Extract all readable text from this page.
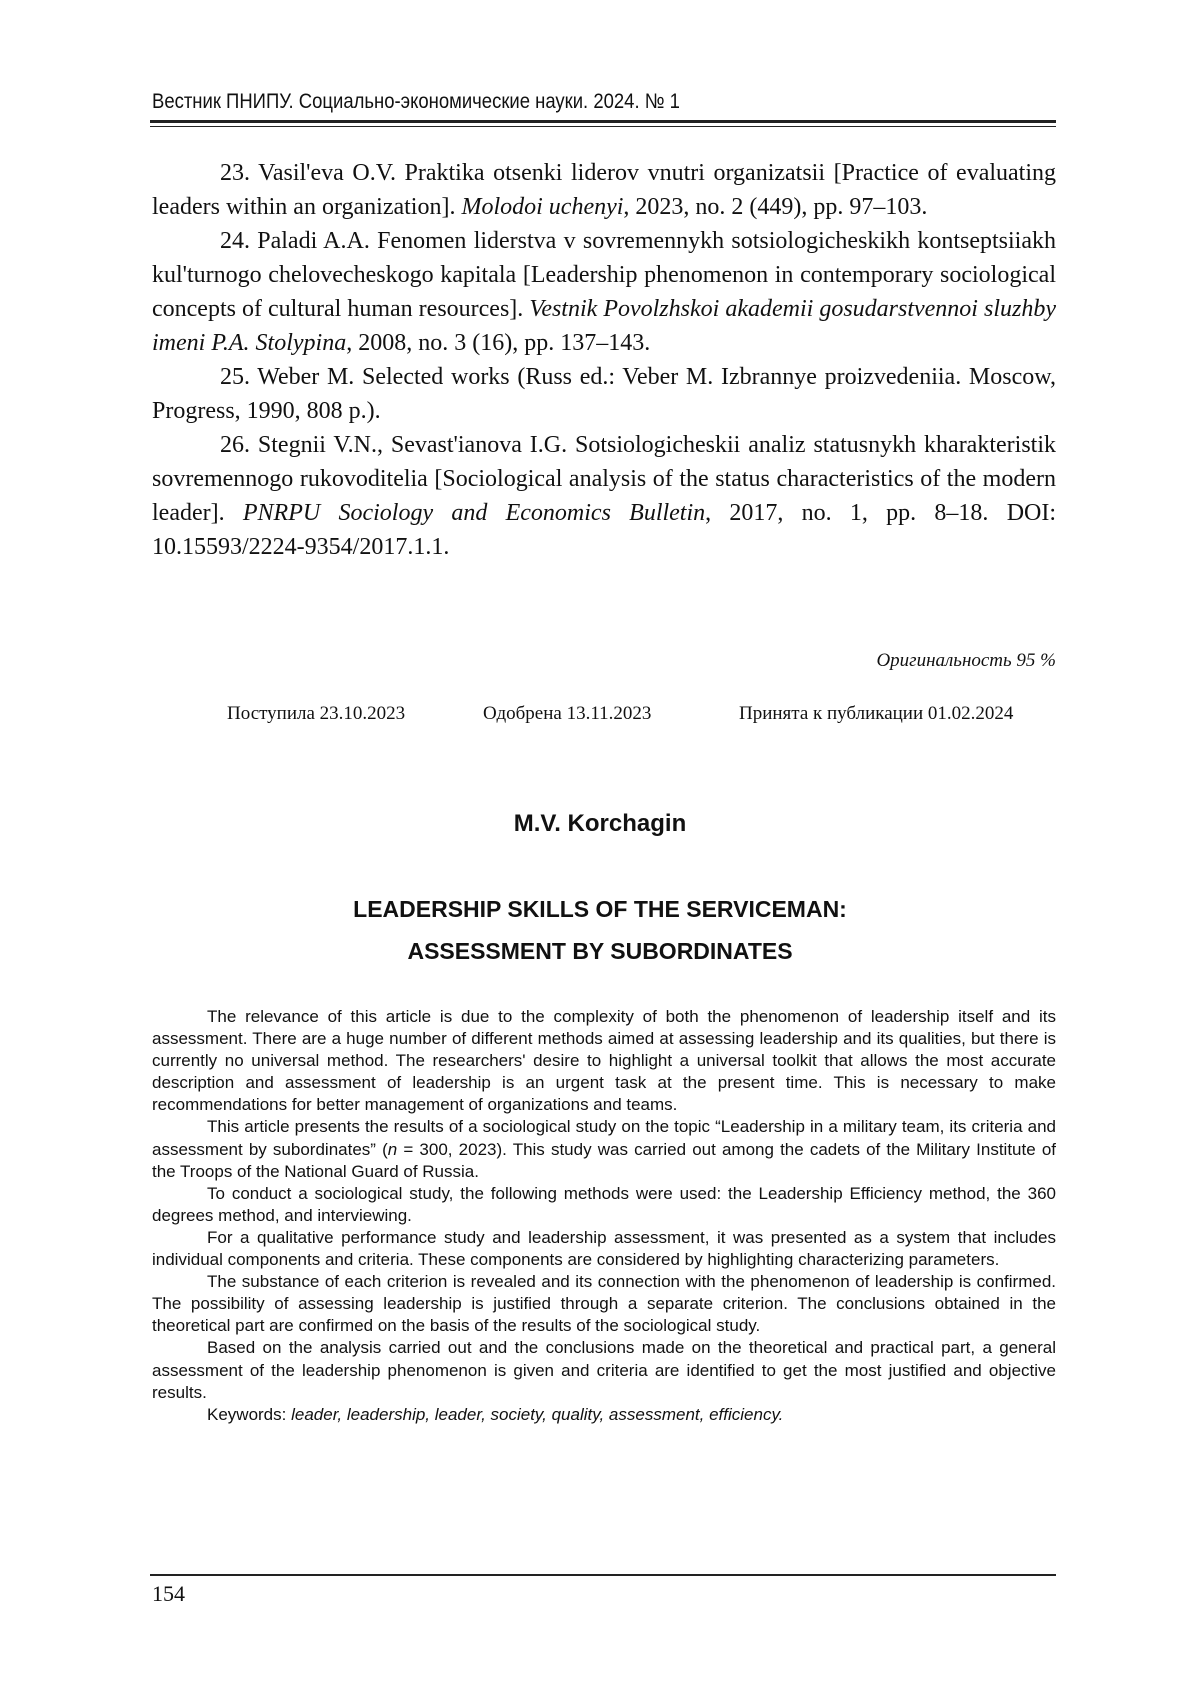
Вестник ПНИПУ. Социально-экономические науки. 2024. № 1

23. Vasil'eva O.V. Praktika otsenki liderov vnutri organizatsii [Practice of evaluating leaders within an organization]. Molodoi uchenyi, 2023, no. 2 (449), pp. 97–103.

24. Paladi A.A. Fenomen liderstva v sovremennykh sotsiologicheskikh kontseptsiiakh kul'turnogo chelovecheskogo kapitala [Leadership phenomenon in contemporary sociological concepts of cultural human resources]. Vestnik Povolzhskoi akademii gosudarstvennoi sluzhby imeni P.A. Stolypina, 2008, no. 3 (16), pp. 137–143.

25. Weber M. Selected works (Russ ed.: Veber M. Izbrannye proizvedeniia. Moscow, Progress, 1990, 808 p.).

26. Stegnii V.N., Sevast'ianova I.G. Sotsiologicheskii analiz statusnykh kharakteristik sovremennogo rukovoditelia [Sociological analysis of the status characteristics of the modern leader]. PNRPU Sociology and Economics Bulletin, 2017, no. 1, pp. 8–18. DOI: 10.15593/2224-9354/2017.1.1.

Оригинальность 95 %
Поступила 23.10.2023	Одобрена 13.11.2023	Принята к публикации 01.02.2024
M.V. Korchagin
LEADERSHIP SKILLS OF THE SERVICEMAN:
ASSESSMENT BY SUBORDINATES

The relevance of this article is due to the complexity of both the phenomenon of leadership itself and its assessment. There are a huge number of different methods aimed at assessing leadership and its qualities, but there is currently no universal method. The researchers' desire to highlight a universal toolkit that allows the most accurate description and assessment of leadership is an urgent task at the present time. This is necessary to make recommendations for better management of organizations and teams.

This article presents the results of a sociological study on the topic “Leadership in a military team, its criteria and assessment by subordinates” (n = 300, 2023). This study was carried out among the cadets of the Military Institute of the Troops of the National Guard of Russia.

To conduct a sociological study, the following methods were used: the Leadership Efficiency method, the 360 degrees method, and interviewing.

For a qualitative performance study and leadership assessment, it was presented as a system that includes individual components and criteria. These components are considered by highlighting characterizing parameters.

The substance of each criterion is revealed and its connection with the phenomenon of leadership is confirmed. The possibility of assessing leadership is justified through a separate criterion. The conclusions obtained in the theoretical part are confirmed on the basis of the results of the sociological study.

Based on the analysis carried out and the conclusions made on the theoretical and practical part, a general assessment of the leadership phenomenon is given and criteria are identified to get the most justified and objective results.

Keywords: leader, leadership, leader, society, quality, assessment, efficiency.

154
